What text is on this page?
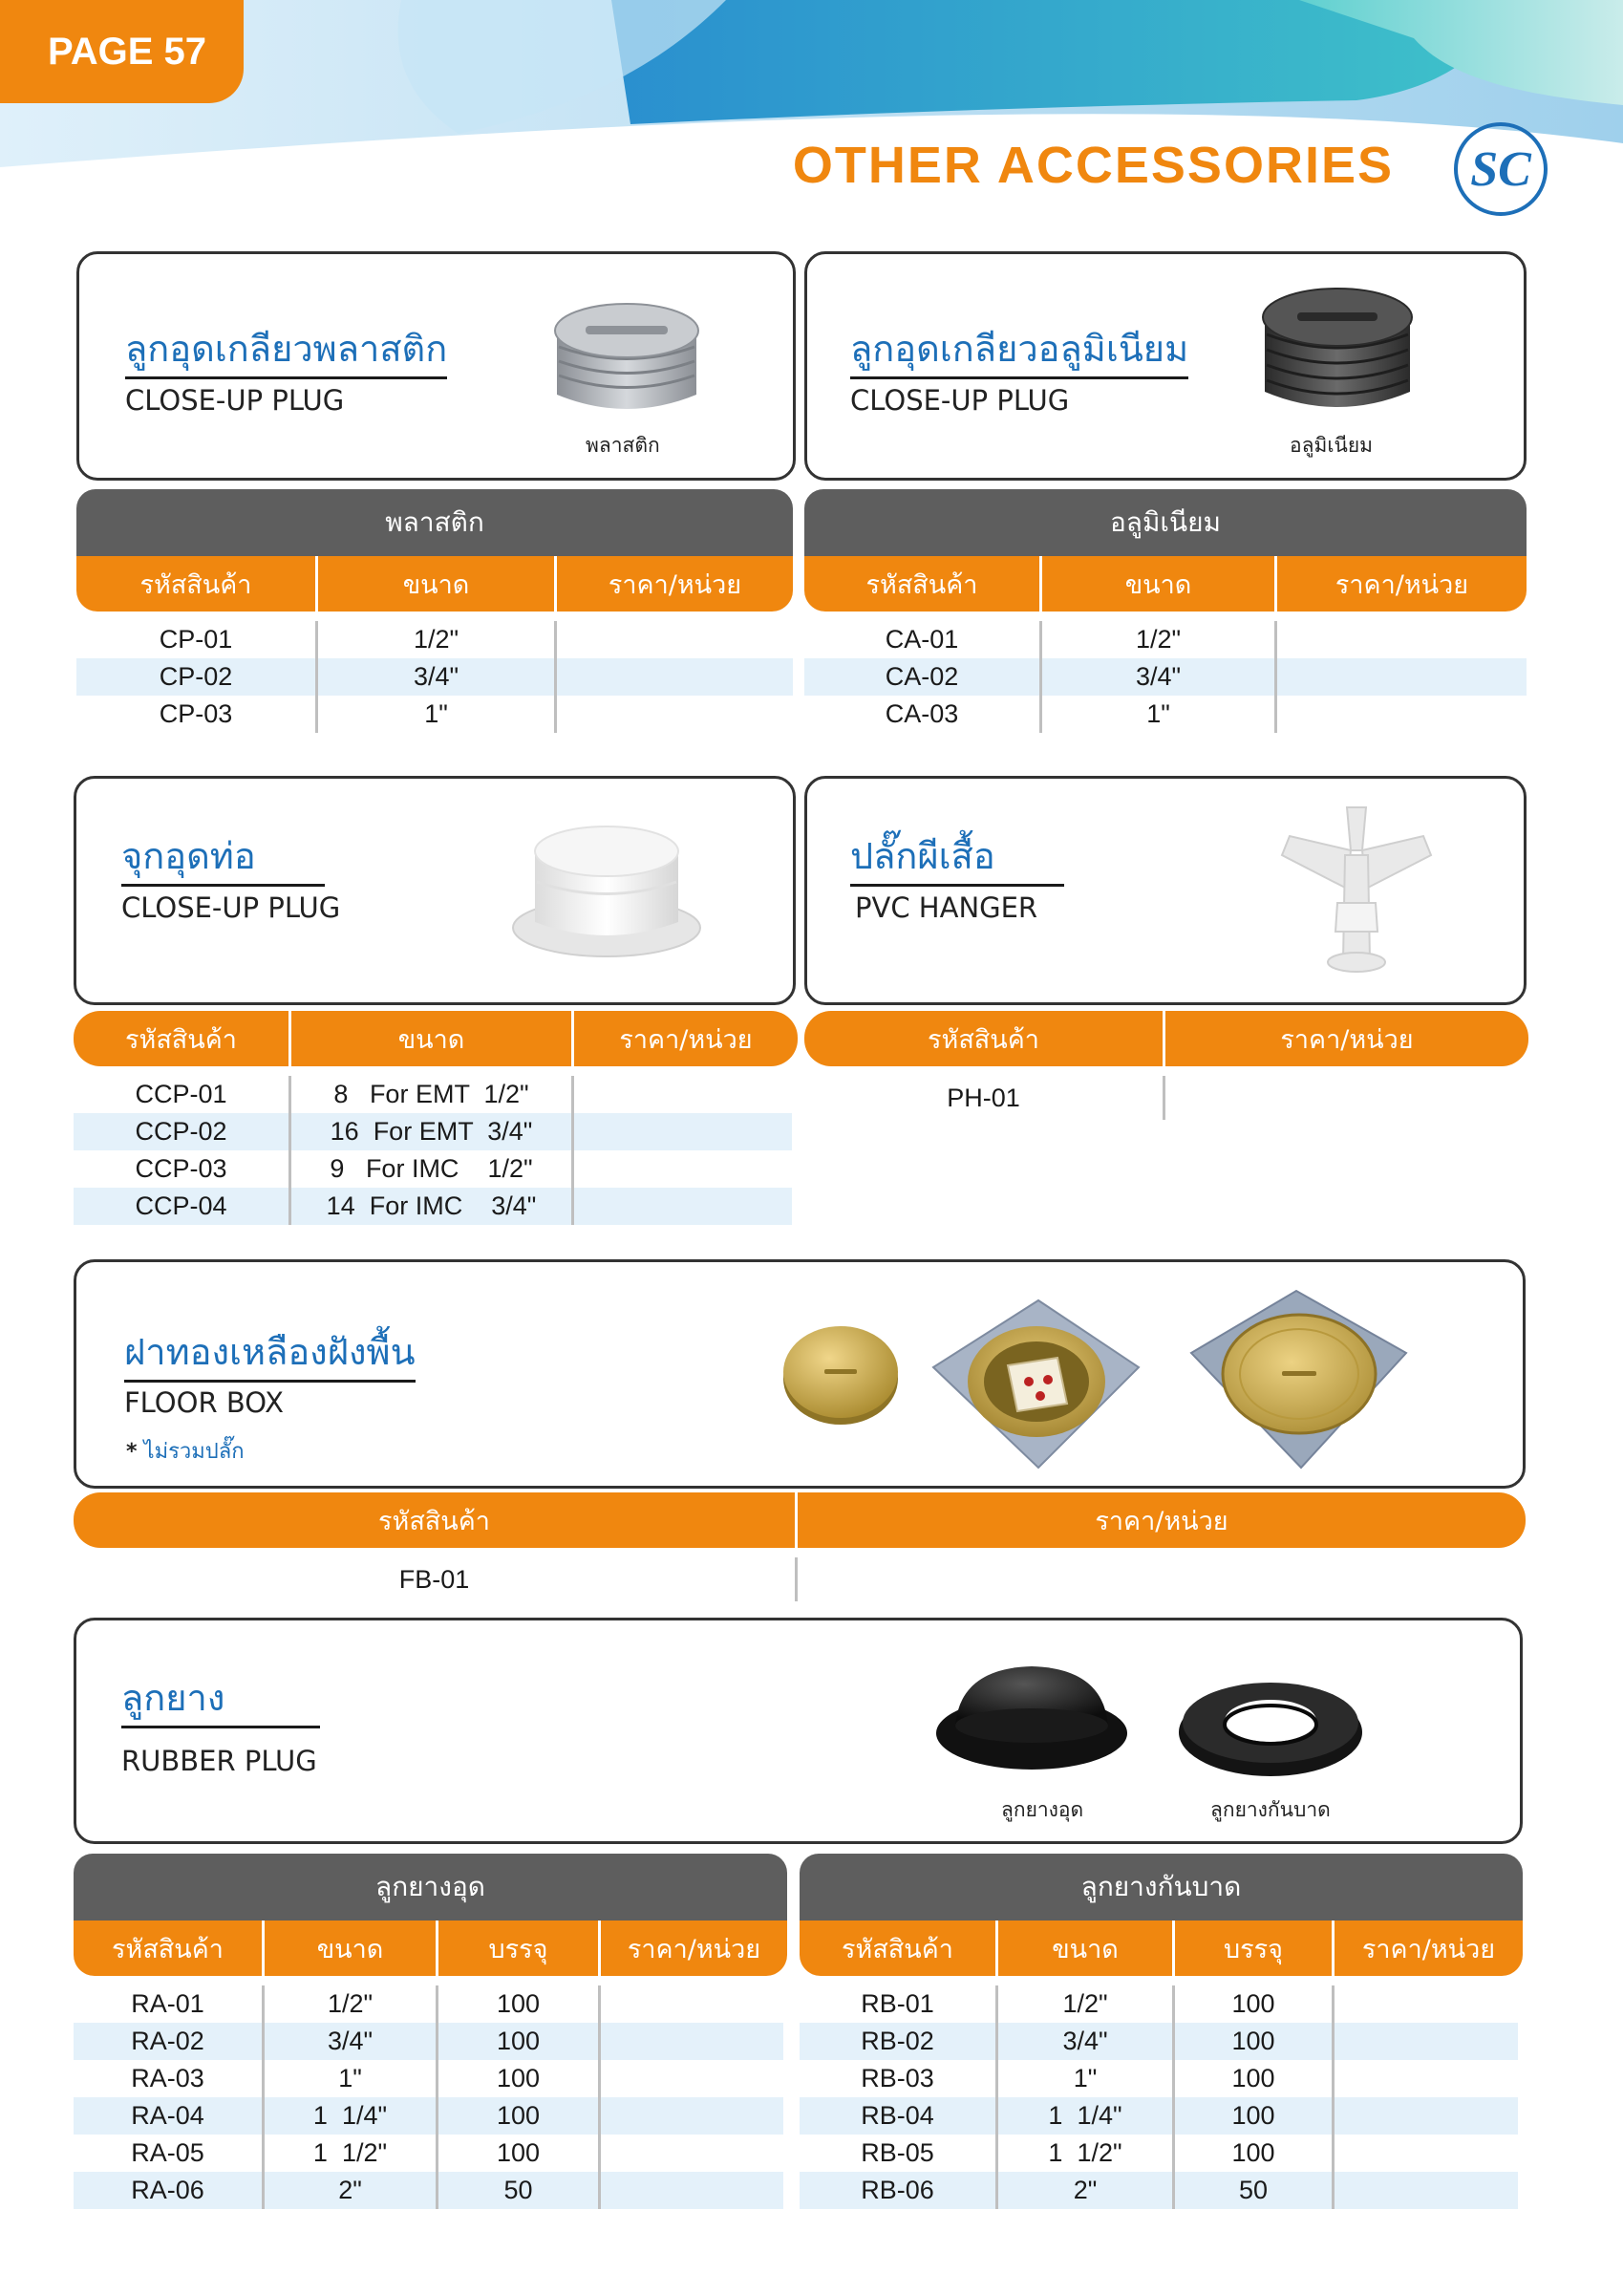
PAGE 57
OTHER ACCESSORIES SC
ลูกอุดเกลียวพลาสติก
CLOSE-UP PLUG
พลาสติก
ลูกอุดเกลียวอลูมิเนียม
CLOSE-UP PLUG
อลูมิเนียม
พลาสติก
รหัสสินค้า	ขนาด	ราคา/หน่วย
CP-01	1/2"
CP-02	3/4"
CP-03	1"
อลูมิเนียม
รหัสสินค้า	ขนาด	ราคา/หน่วย
CA-01	1/2"
CA-02	3/4"
CA-03	1"
จุกอุดท่อ
CLOSE-UP PLUG
ปลั๊กผีเสื้อ
PVC HANGER
รหัสสินค้า	ขนาด	ราคา/หน่วย
CCP-01	8   For EMT  1/2"
CCP-02	16  For EMT  3/4"
CCP-03	9   For IMC    1/2"
CCP-04	14  For IMC    3/4"
รหัสสินค้า	ราคา/หน่วย
PH-01
ฝาทองเหลืองฝังพื้น
FLOOR BOX
* ไม่รวมปลั๊ก
รหัสสินค้า	ราคา/หน่วย
FB-01
ลูกยาง
RUBBER PLUG
ลูกยางอุด	ลูกยางกันบาด
ลูกยางอุด
รหัสสินค้า	ขนาด	บรรจุ	ราคา/หน่วย
RA-01	1/2"	100
RA-02	3/4"	100
RA-03	1"	100
RA-04	1  1/4"	100
RA-05	1  1/2"	100
RA-06	2"	50
ลูกยางกันบาด
รหัสสินค้า	ขนาด	บรรจุ	ราคา/หน่วย
RB-01	1/2"	100
RB-02	3/4"	100
RB-03	1"	100
RB-04	1  1/4"	100
RB-05	1  1/2"	100
RB-06	2"	50
